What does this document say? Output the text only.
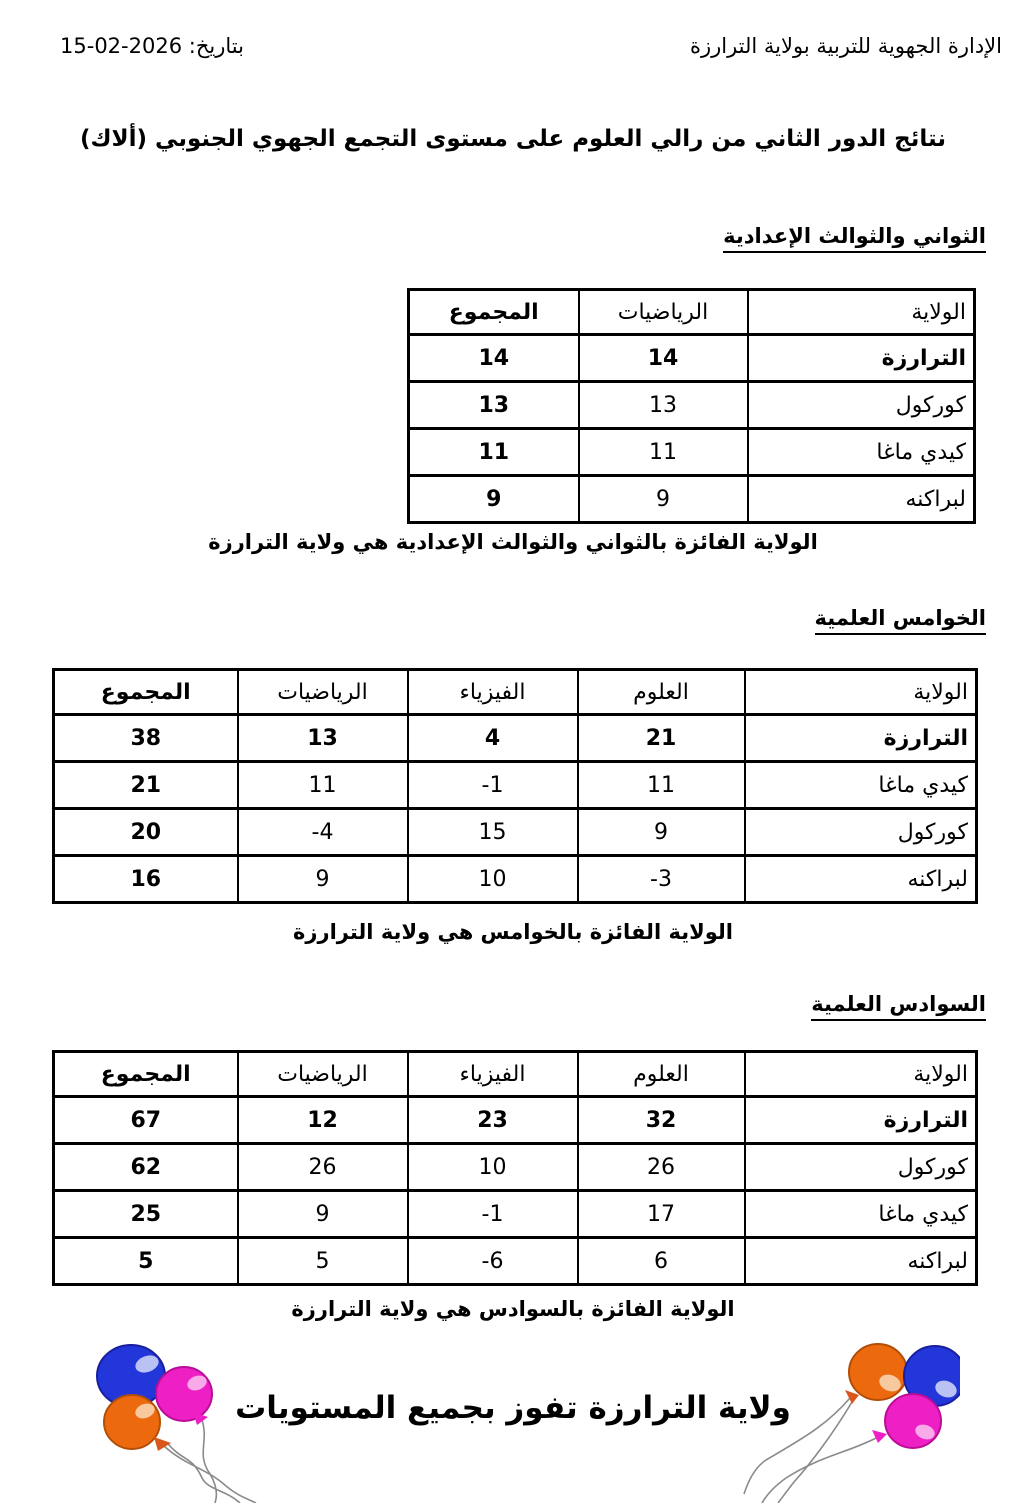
الإدارة الجهوية للتربية بولاية الترارزة
بتاريخ: 2026-02-15
نتائج الدور الثاني من رالي العلوم على مستوى التجمع الجهوي الجنوبي (ألاك)
الثواني والثوالث الإعدادية
الولاية	الرياضيات	المجموع
الترارزة	14	14
كوركول	13	13
كيدي ماغا	11	11
لبراكنه	9	9
الولاية الفائزة بالثواني والثوالث الإعدادية هي ولاية الترارزة
الخوامس العلمية
الولاية	العلوم	الفيزياء	الرياضيات	المجموع
الترارزة	21	4	13	38
كيدي ماغا	11	-1	11	21
كوركول	9	15	-4	20
لبراكنه	-3	10	9	16
الولاية الفائزة بالخوامس هي ولاية الترارزة
السوادس العلمية
الولاية	العلوم	الفيزياء	الرياضيات	المجموع
الترارزة	32	23	12	67
كوركول	26	10	26	62
كيدي ماغا	17	-1	9	25
لبراكنه	6	-6	5	5
الولاية الفائزة بالسوادس هي ولاية الترارزة
ولاية الترارزة تفوز بجميع المستويات
